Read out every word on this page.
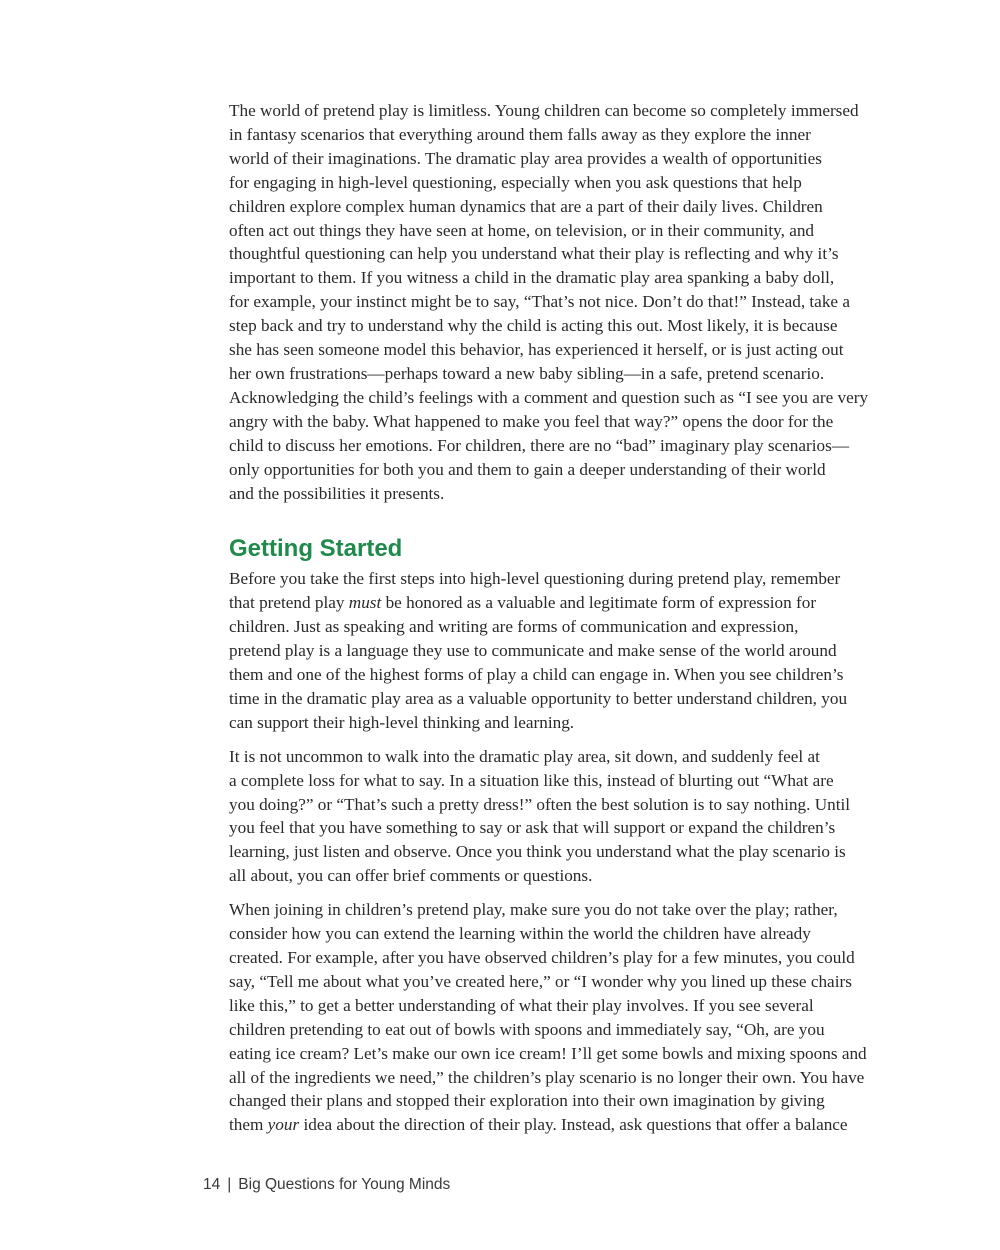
The world of pretend play is limitless. Young children can become so completely immersed
in fantasy scenarios that everything around them falls away as they explore the inner
world of their imaginations. The dramatic play area provides a wealth of opportunities
for engaging in high-level questioning, especially when you ask questions that help
children explore complex human dynamics that are a part of their daily lives. Children
often act out things they have seen at home, on television, or in their community, and
thoughtful questioning can help you understand what their play is reflecting and why it’s
important to them. If you witness a child in the dramatic play area spanking a baby doll,
for example, your instinct might be to say, “That’s not nice. Don’t do that!” Instead, take a
step back and try to understand why the child is acting this out. Most likely, it is because
she has seen someone model this behavior, has experienced it herself, or is just acting out
her own frustrations—perhaps toward a new baby sibling—in a safe, pretend scenario.
Acknowledging the child’s feelings with a comment and question such as “I see you are very
angry with the baby. What happened to make you feel that way?” opens the door for the
child to discuss her emotions. For children, there are no “bad” imaginary play scenarios—
only opportunities for both you and them to gain a deeper understanding of their world
and the possibilities it presents.

Getting Started

Before you take the first steps into high-level questioning during pretend play, remember
that pretend play must be honored as a valuable and legitimate form of expression for
children. Just as speaking and writing are forms of communication and expression,
pretend play is a language they use to communicate and make sense of the world around
them and one of the highest forms of play a child can engage in. When you see children’s
time in the dramatic play area as a valuable opportunity to better understand children, you
can support their high-level thinking and learning.

It is not uncommon to walk into the dramatic play area, sit down, and suddenly feel at
a complete loss for what to say. In a situation like this, instead of blurting out “What are
you doing?” or “That’s such a pretty dress!” often the best solution is to say nothing. Until
you feel that you have something to say or ask that will support or expand the children’s
learning, just listen and observe. Once you think you understand what the play scenario is
all about, you can offer brief comments or questions.

When joining in children’s pretend play, make sure you do not take over the play; rather,
consider how you can extend the learning within the world the children have already
created. For example, after you have observed children’s play for a few minutes, you could
say, “Tell me about what you’ve created here,” or “I wonder why you lined up these chairs
like this,” to get a better understanding of what their play involves. If you see several
children pretending to eat out of bowls with spoons and immediately say, “Oh, are you
eating ice cream? Let’s make our own ice cream! I’ll get some bowls and mixing spoons and
all of the ingredients we need,” the children’s play scenario is no longer their own. You have
changed their plans and stopped their exploration into their own imagination by giving
them your idea about the direction of their play. Instead, ask questions that offer a balance

14 | Big Questions for Young Minds
